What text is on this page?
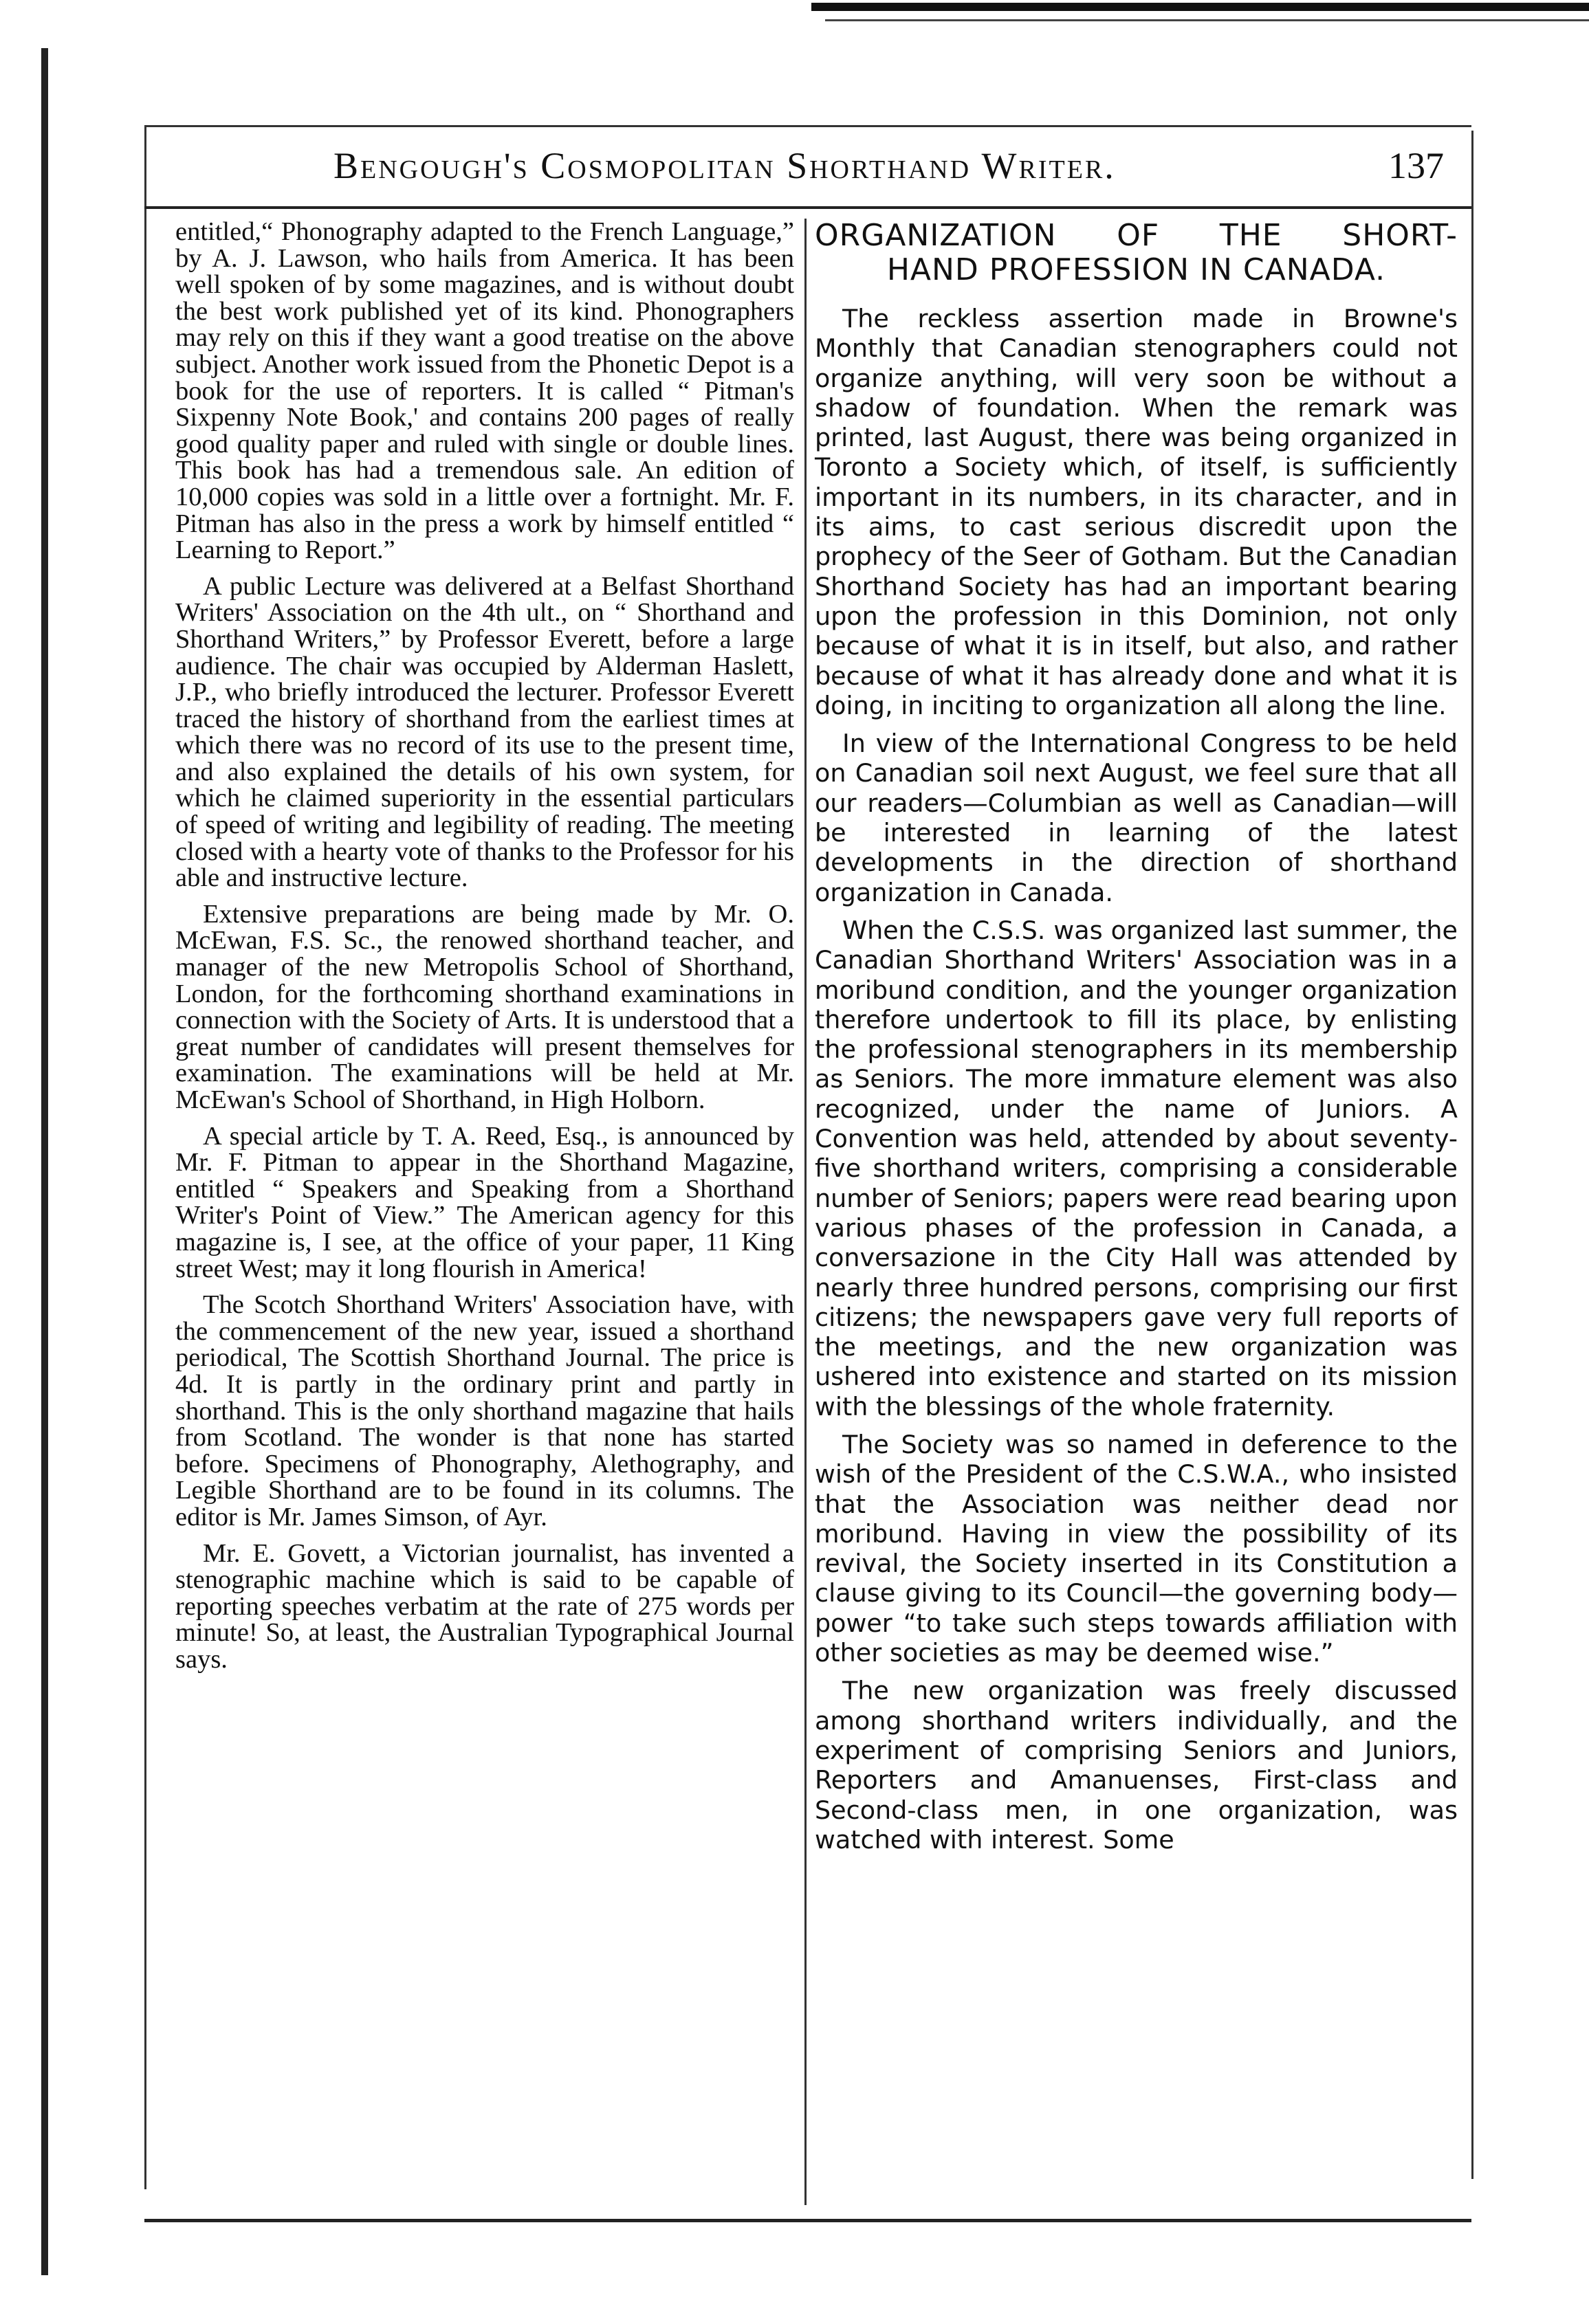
Bengough's Cosmopolitan Shorthand Writer.	137

entitled,“ Phonography adapted to the French Language,” by A. J. Lawson, who hails from America. It has been well spoken of by some magazines, and is without doubt the best work published yet of its kind. Phonographers may rely on this if they want a good treatise on the above subject. Another work issued from the Phonetic Depot is a book for the use of reporters. It is called “ Pitman's Sixpenny Note Book,' and contains 200 pages of really good quality paper and ruled with single or double lines. This book has had a tremendous sale. An edition of 10,000 copies was sold in a little over a fortnight. Mr. F. Pitman has also in the press a work by himself entitled “ Learning to Report.”

A public Lecture was delivered at a Belfast Shorthand Writers' Association on the 4th ult., on “ Shorthand and Shorthand Writers,” by Professor Everett, before a large audience. The chair was occupied by Alderman Haslett, J.P., who briefly introduced the lecturer. Professor Everett traced the history of shorthand from the earliest times at which there was no record of its use to the present time, and also explained the details of his own system, for which he claimed superiority in the essential particulars of speed of writing and legibility of reading. The meeting closed with a hearty vote of thanks to the Professor for his able and instructive lecture.

Extensive preparations are being made by Mr. O. McEwan, F.S. Sc., the renowed shorthand teacher, and manager of the new Metropolis School of Shorthand, London, for the forthcoming shorthand examinations in connection with the Society of Arts. It is understood that a great number of candidates will present themselves for examination. The examinations will be held at Mr. McEwan's School of Shorthand, in High Holborn.

A special article by T. A. Reed, Esq., is announced by Mr. F. Pitman to appear in the Shorthand Magazine, entitled “ Speakers and Speaking from a Shorthand Writer's Point of View.” The American agency for this magazine is, I see, at the office of your paper, 11 King street West; may it long flourish in America!

The Scotch Shorthand Writers' Association have, with the commencement of the new year, issued a shorthand periodical, The Scottish Shorthand Journal. The price is 4d. It is partly in the ordinary print and partly in shorthand. This is the only shorthand magazine that hails from Scotland. The wonder is that none has started before. Specimens of Phonography, Alethography, and Legible Shorthand are to be found in its columns. The editor is Mr. James Simson, of Ayr.

Mr. E. Govett, a Victorian journalist, has invented a stenographic machine which is said to be capable of reporting speeches verbatim at the rate of 275 words per minute! So, at least, the Australian Typographical Journal says.

ORGANIZATION OF THE SHORT-
HAND PROFESSION IN CANADA.

The reckless assertion made in Browne's Monthly that Canadian stenographers could not organize anything, will very soon be without a shadow of foundation. When the remark was printed, last August, there was being organized in Toronto a Society which, of itself, is sufficiently important in its numbers, in its character, and in its aims, to cast serious discredit upon the prophecy of the Seer of Gotham. But the Canadian Shorthand Society has had an important bearing upon the profession in this Dominion, not only because of what it is in itself, but also, and rather because of what it has already done and what it is doing, in inciting to organization all along the line.

In view of the International Congress to be held on Canadian soil next August, we feel sure that all our readers—Columbian as well as Canadian—will be interested in learning of the latest developments in the direction of shorthand organization in Canada.

When the C.S.S. was organized last summer, the Canadian Shorthand Writers' Association was in a moribund condition, and the younger organization therefore undertook to fill its place, by enlisting the professional stenographers in its membership as Seniors. The more immature element was also recognized, under the name of Juniors. A Convention was held, attended by about seventy-five shorthand writers, comprising a considerable number of Seniors; papers were read bearing upon various phases of the profession in Canada, a conversazione in the City Hall was attended by nearly three hundred persons, comprising our first citizens; the newspapers gave very full reports of the meetings, and the new organization was ushered into existence and started on its mission with the blessings of the whole fraternity.

The Society was so named in deference to the wish of the President of the C.S.W.A., who insisted that the Association was neither dead nor moribund. Having in view the possibility of its revival, the Society inserted in its Constitution a clause giving to its Council—the governing body—power “to take such steps towards affiliation with other societies as may be deemed wise.”

The new organization was freely discussed among shorthand writers individually, and the experiment of comprising Seniors and Juniors, Reporters and Amanuenses, First-class and Second-class men, in one organization, was watched with interest. Some
